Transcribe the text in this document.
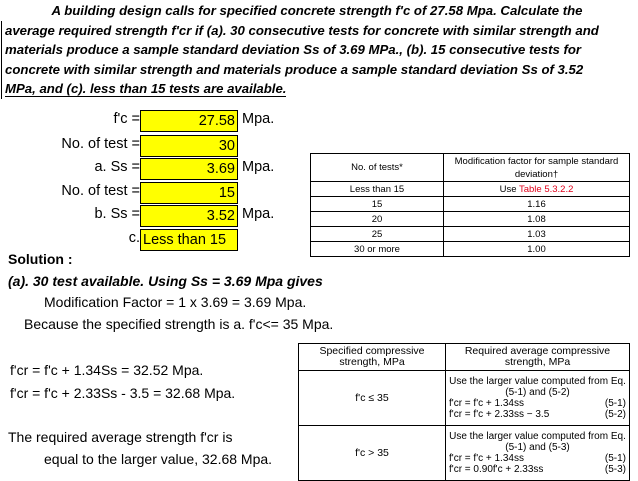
A building design calls for specified concrete strength f'c of 27.58 Mpa. Calculate the
average required strength f'cr if (a). 30 consecutive tests for concrete with similar strength and
materials produce a sample standard deviation Ss of 3.69 MPa., (b). 15 consecutive tests for
concrete with similar strength and materials produce a sample standard deviation Ss of 3.52
MPa, and (c). less than 15 tests are available.
f'c =	27.58 Mpa.
No. of test =	30
a. Ss =	3.69 Mpa.
No. of test =	15
b. Ss =	3.52 Mpa.
c. Less than 15
No. of tests*	Modification factor for sample standard deviation†
Less than 15	Use Table 5.3.2.2
15	1.16
20	1.08
25	1.03
30 or more	1.00
Solution :
(a). 30 test available. Using Ss = 3.69 Mpa gives
Modification Factor = 1 x 3.69 = 3.69 Mpa.
Because the specified strength is a. f'c<= 35 Mpa.
f'cr = f'c + 1.34Ss = 32.52 Mpa.
f'cr = f'c + 2.33Ss - 3.5 = 32.68 Mpa.
The required average strength f'cr is
equal to the larger value, 32.68 Mpa.
Specified compressive strength, MPa	Required average compressive strength, MPa
f'c ≤ 35	Use the larger value computed from Eq. (5-1) and (5-2)
f'cr = f'c + 1.34ss (5-1)
f'cr = f'c + 2.33ss − 3.5 (5-2)

f'c > 35	Use the larger value computed from Eq. (5-1) and (5-3)
f'cr = f'c + 1.34ss (5-1)
f'cr = 0.90f'c + 2.33ss (5-3)
